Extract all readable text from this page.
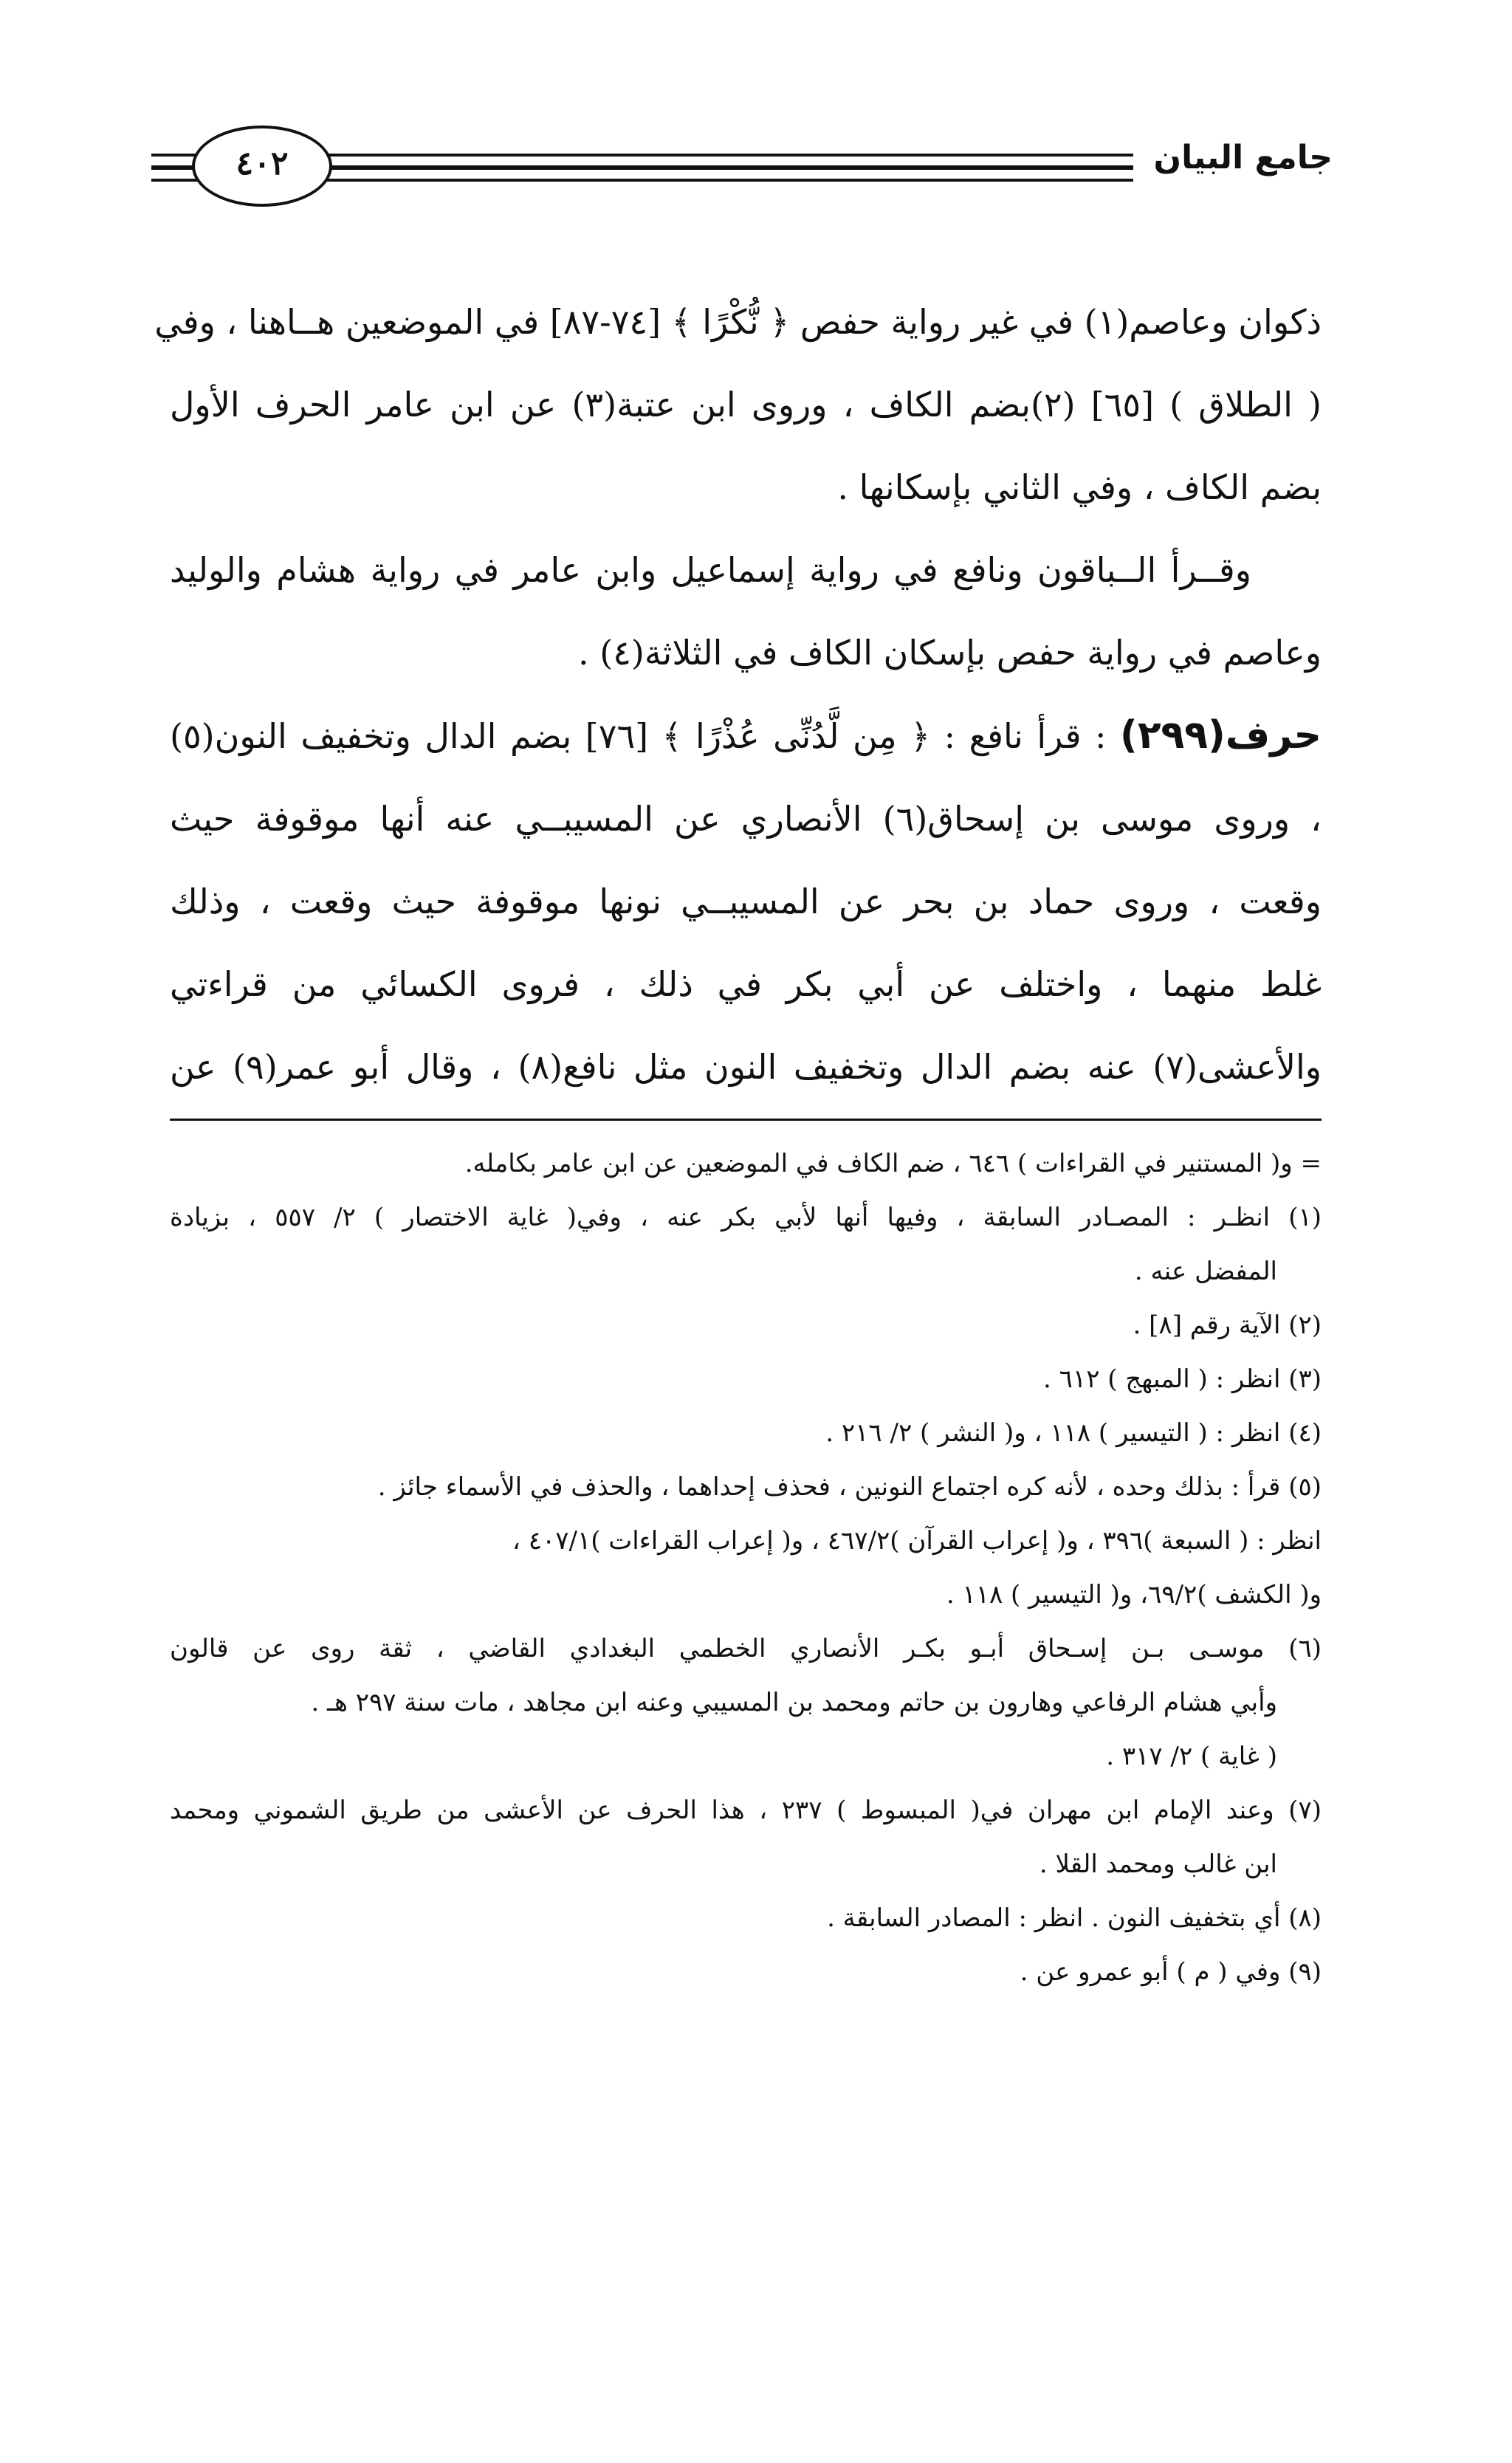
جامع البيان
٤٠٢
ذكوان وعاصم(١) في غير رواية حفص ﴿ نُّكْرًا ﴾ [٧٤-٨٧] في الموضعين هــاهنا ، وفي
( الطلاق ) [٦٥] (٢)بضم الكاف ، وروى ابن عتبة(٣) عن ابن عامر الحرف الأول
بضم الكاف ، وفي الثاني بإسكانها .
وقــرأ الــباقون ونافع في رواية إسماعيل وابن عامر في رواية هشام والوليد
وعاصم في رواية حفص بإسكان الكاف في الثلاثة(٤) .
حرف(٢٩٩) : قرأ نافع : ﴿ مِن لَّدُنِّى عُذْرًا ﴾ [٧٦] بضم الدال وتخفيف النون(٥)
، وروى موسى بن إسحاق(٦) الأنصاري عن المسيبــي عنه أنها موقوفة حيث
وقعت ، وروى حماد بن بحر عن المسيبــي نونها موقوفة حيث وقعت ، وذلك
غلط منهما ، واختلف عن أبي بكر في ذلك ، فروى الكسائي من قراءتي
والأعشى(٧) عنه بضم الدال وتخفيف النون مثل نافع(٨) ، وقال أبو عمر(٩) عن
= و( المستنير في القراءات ) ٦٤٦ ، ضم الكاف في الموضعين عن ابن عامر بكامله.
(١) انظـر : المصـادر السابقة ، وفيها أنها لأبي بكر عنه ، وفي( غاية الاختصار ) ٢/ ٥٥٧ ، بزيادة
المفضل عنه .
(٢) الآية رقم [٨] .
(٣) انظر : ( المبهج ) ٦١٢ .
(٤) انظر : ( التيسير ) ١١٨ ، و( النشر ) ٢/ ٢١٦ .
(٥) قرأ : بذلك وحده ، لأنه كره اجتماع النونين ، فحذف إحداهما ، والحذف في الأسماء جائز .
انظر : ( السبعة )٣٩٦ ، و( إعراب القرآن )٤٦٧/٢ ، و( إعراب القراءات )٤٠٧/١ ،
و( الكشف )٦٩/٢، و( التيسير ) ١١٨ .
(٦) موسـى بـن إسـحاق أبـو بكـر الأنصاري الخطمي البغدادي القاضي ، ثقة روى عن قالون
وأبي هشام الرفاعي وهارون بن حاتم ومحمد بن المسيبي وعنه ابن مجاهد ، مات سنة ٢٩٧ هـ .
( غاية ) ٢/ ٣١٧ .
(٧) وعند الإمام ابن مهران في( المبسوط ) ٢٣٧ ، هذا الحرف عن الأعشى من طريق الشموني ومحمد
ابن غالب ومحمد القلا .
(٨) أي بتخفيف النون . انظر : المصادر السابقة .
(٩) وفي ( م ) أبو عمرو عن .
